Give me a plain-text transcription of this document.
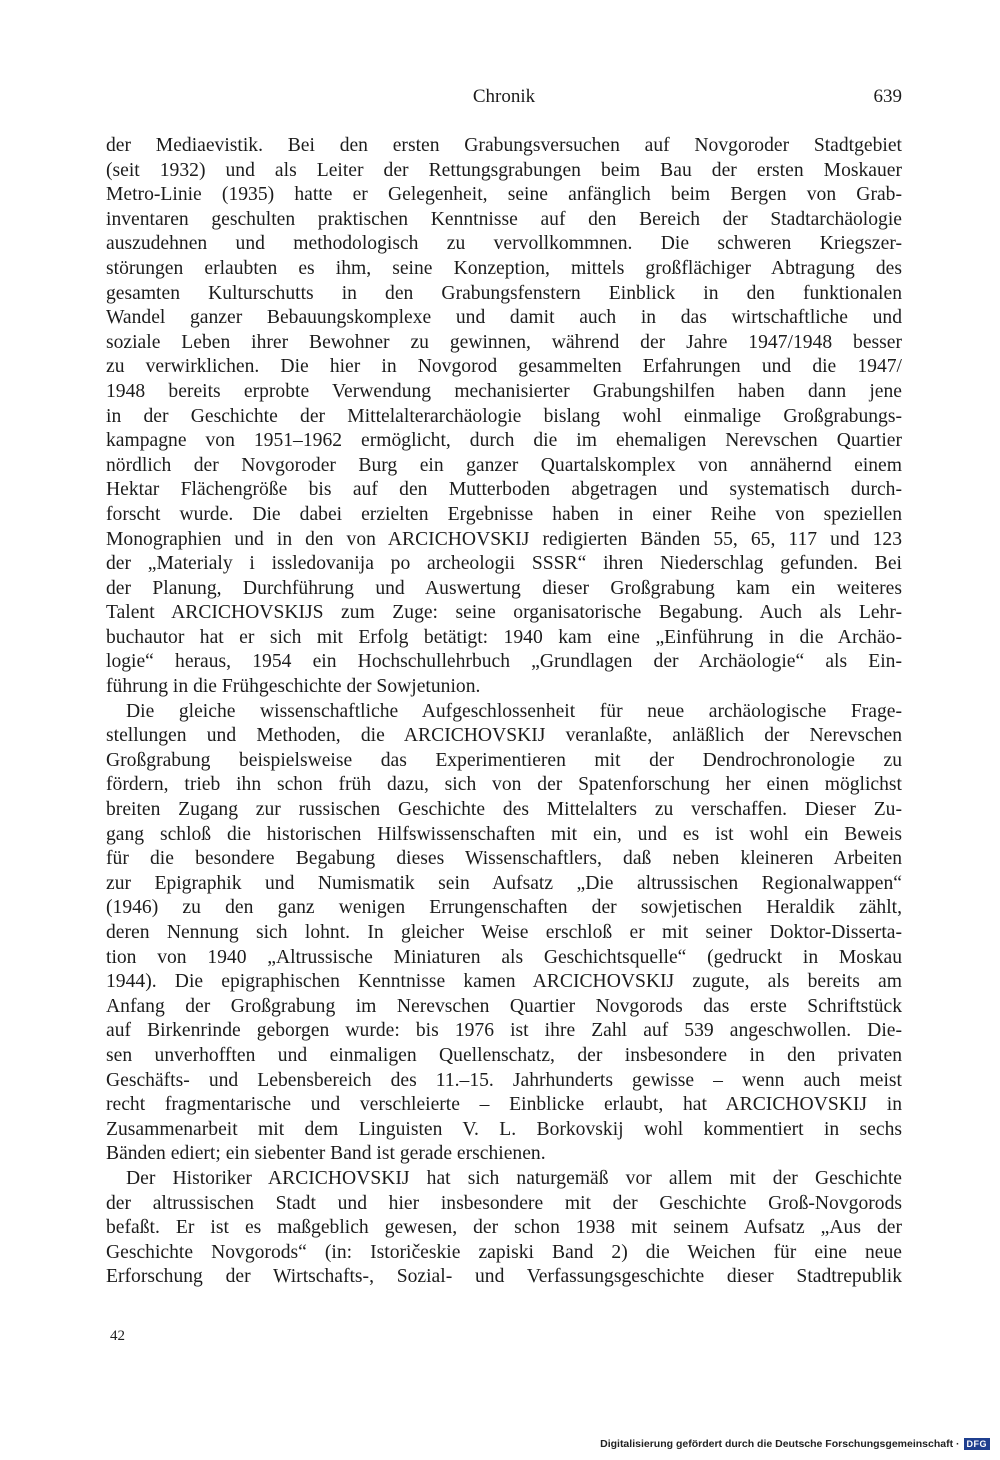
Chronik	639
der Mediaevistik. Bei den ersten Grabungsversuchen auf Novgoroder Stadtgebiet
(seit 1932) und als Leiter der Rettungsgrabungen beim Bau der ersten Moskauer
Metro-Linie (1935) hatte er Gelegenheit, seine anfänglich beim Bergen von Grab-
inventaren geschulten praktischen Kenntnisse auf den Bereich der Stadtarchäologie
auszudehnen und methodologisch zu vervollkommnen. Die schweren Kriegszer-
störungen erlaubten es ihm, seine Konzeption, mittels großflächiger Abtragung des
gesamten Kulturschutts in den Grabungsfenstern Einblick in den funktionalen
Wandel ganzer Bebauungskomplexe und damit auch in das wirtschaftliche und
soziale Leben ihrer Bewohner zu gewinnen, während der Jahre 1947/1948 besser
zu verwirklichen. Die hier in Novgorod gesammelten Erfahrungen und die 1947/
1948 bereits erprobte Verwendung mechanisierter Grabungshilfen haben dann jene
in der Geschichte der Mittelalterarchäologie bislang wohl einmalige Großgrabungs-
kampagne von 1951–1962 ermöglicht, durch die im ehemaligen Nerevschen Quartier
nördlich der Novgoroder Burg ein ganzer Quartalskomplex von annähernd einem
Hektar Flächengröße bis auf den Mutterboden abgetragen und systematisch durch-
forscht wurde. Die dabei erzielten Ergebnisse haben in einer Reihe von speziellen
Monographien und in den von ARCICHOVSKIJ redigierten Bänden 55, 65, 117 und 123
der „Materialy i issledovanija po archeologii SSSR“ ihren Niederschlag gefunden. Bei
der Planung, Durchführung und Auswertung dieser Großgrabung kam ein weiteres
Talent ARCICHOVSKIJS zum Zuge: seine organisatorische Begabung. Auch als Lehr-
buchautor hat er sich mit Erfolg betätigt: 1940 kam eine „Einführung in die Archäo-
logie“ heraus, 1954 ein Hochschullehrbuch „Grundlagen der Archäologie“ als Ein-
führung in die Frühgeschichte der Sowjetunion.
Die gleiche wissenschaftliche Aufgeschlossenheit für neue archäologische Frage-
stellungen und Methoden, die ARCICHOVSKIJ veranlaßte, anläßlich der Nerevschen
Großgrabung beispielsweise das Experimentieren mit der Dendrochronologie zu
fördern, trieb ihn schon früh dazu, sich von der Spatenforschung her einen möglichst
breiten Zugang zur russischen Geschichte des Mittelalters zu verschaffen. Dieser Zu-
gang schloß die historischen Hilfswissenschaften mit ein, und es ist wohl ein Beweis
für die besondere Begabung dieses Wissenschaftlers, daß neben kleineren Arbeiten
zur Epigraphik und Numismatik sein Aufsatz „Die altrussischen Regionalwappen“
(1946) zu den ganz wenigen Errungenschaften der sowjetischen Heraldik zählt,
deren Nennung sich lohnt. In gleicher Weise erschloß er mit seiner Doktor-Disserta-
tion von 1940 „Altrussische Miniaturen als Geschichtsquelle“ (gedruckt in Moskau
1944). Die epigraphischen Kenntnisse kamen ARCICHOVSKIJ zugute, als bereits am
Anfang der Großgrabung im Nerevschen Quartier Novgorods das erste Schriftstück
auf Birkenrinde geborgen wurde: bis 1976 ist ihre Zahl auf 539 angeschwollen. Die-
sen unverhofften und einmaligen Quellenschatz, der insbesondere in den privaten
Geschäfts- und Lebensbereich des 11.–15. Jahrhunderts gewisse – wenn auch meist
recht fragmentarische und verschleierte – Einblicke erlaubt, hat ARCICHOVSKIJ in
Zusammenarbeit mit dem Linguisten V. L. Borkovskij wohl kommentiert in sechs
Bänden ediert; ein siebenter Band ist gerade erschienen.
Der Historiker ARCICHOVSKIJ hat sich naturgemäß vor allem mit der Geschichte
der altrussischen Stadt und hier insbesondere mit der Geschichte Groß-Novgorods
befaßt. Er ist es maßgeblich gewesen, der schon 1938 mit seinem Aufsatz „Aus der
Geschichte Novgorods“ (in: Istoričeskie zapiski Band 2) die Weichen für eine neue
Erforschung der Wirtschafts-, Sozial- und Verfassungsgeschichte dieser Stadtrepublik
42
Digitalisierung gefördert durch die Deutsche Forschungsgemeinschaft · DFG
